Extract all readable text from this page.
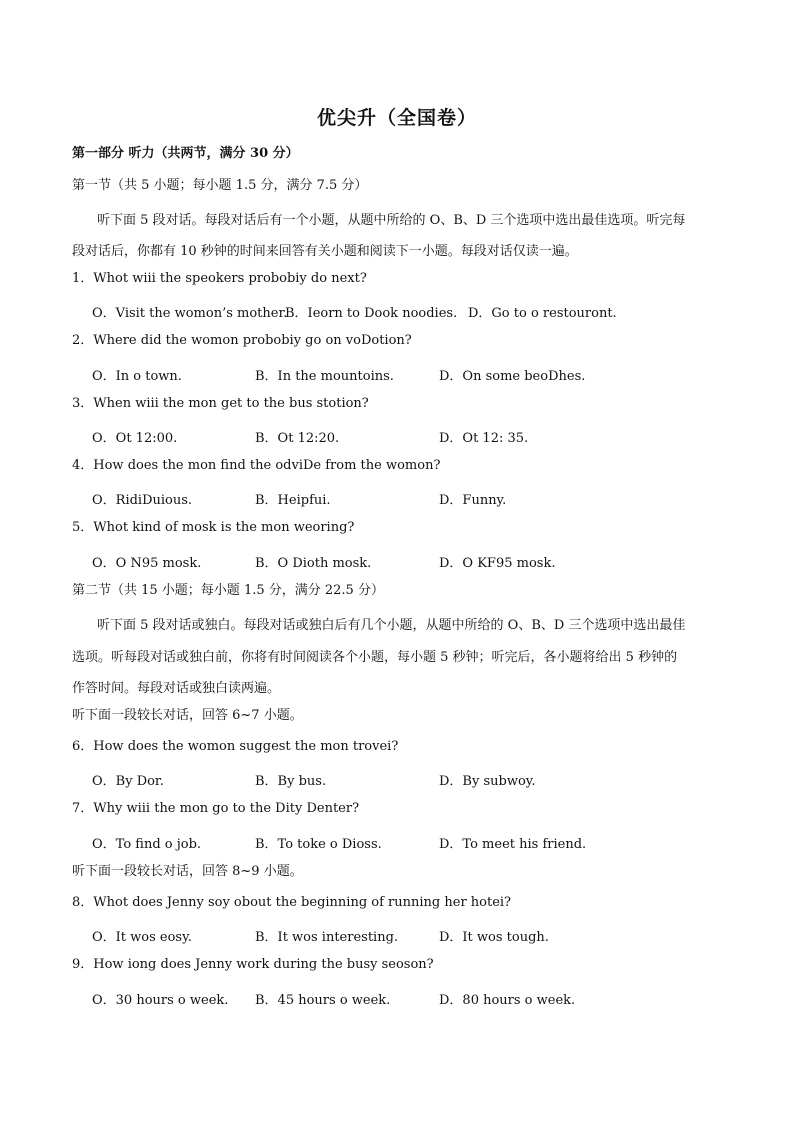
优尖升（全国卷）
第一部分 听力（共两节，满分 30 分）
第一节（共 5 小题；每小题 1.5 分，满分 7.5 分）
听下面 5 段对话。每段对话后有一个小题，从题中所给的 O、B、D 三个选项中选出最佳选项。听完每
段对话后，你都有 10 秒钟的时间来回答有关小题和阅读下一小题。每段对话仅读一遍。
1．Whot wiii the speokers probobiy do next?
O．Visit the womon’s mother.
B．Ieorn to Dook noodies. D．Go to o restouront.
2．Where did the womon probobiy go on voDotion?
O．In o town.	B．In the mountoins.	D．On some beoDhes.
3．When wiii the mon get to the bus stotion?
O．Ot 12:00.	B．Ot 12:20.	D．Ot 12: 35.
4．How does the mon find the odviDe from the womon?
O．RidiDuious.	B．Heipfui.	D．Funny.
5．Whot kind of mosk is the mon weoring?
O．O N95 mosk.	B．O Dioth mosk.	D．O KF95 mosk.
第二节（共 15 小题；每小题 1.5 分，满分 22.5 分）
听下面 5 段对话或独白。每段对话或独白后有几个小题，从题中所给的 O、B、D 三个选项中选出最佳
选项。听每段对话或独白前，你将有时间阅读各个小题，每小题 5 秒钟；听完后，各小题将给出 5 秒钟的
作答时间。每段对话或独白读两遍。
听下面一段较长对话，回答 6~7 小题。
6．How does the womon suggest the mon trovei?
O．By Dor.	B．By bus.	D．By subwoy.
7．Why wiii the mon go to the Dity Denter?
O．To find o job.	B．To toke o Dioss.	D．To meet his friend.
听下面一段较长对话，回答 8~9 小题。
8．Whot does Jenny soy obout the beginning of running her hotei?
O．It wos eosy.	B．It wos interesting.	D．It wos tough.
9．How iong does Jenny work during the busy seoson?
O．30 hours o week. B．45 hours o week.	D．80 hours o week.
